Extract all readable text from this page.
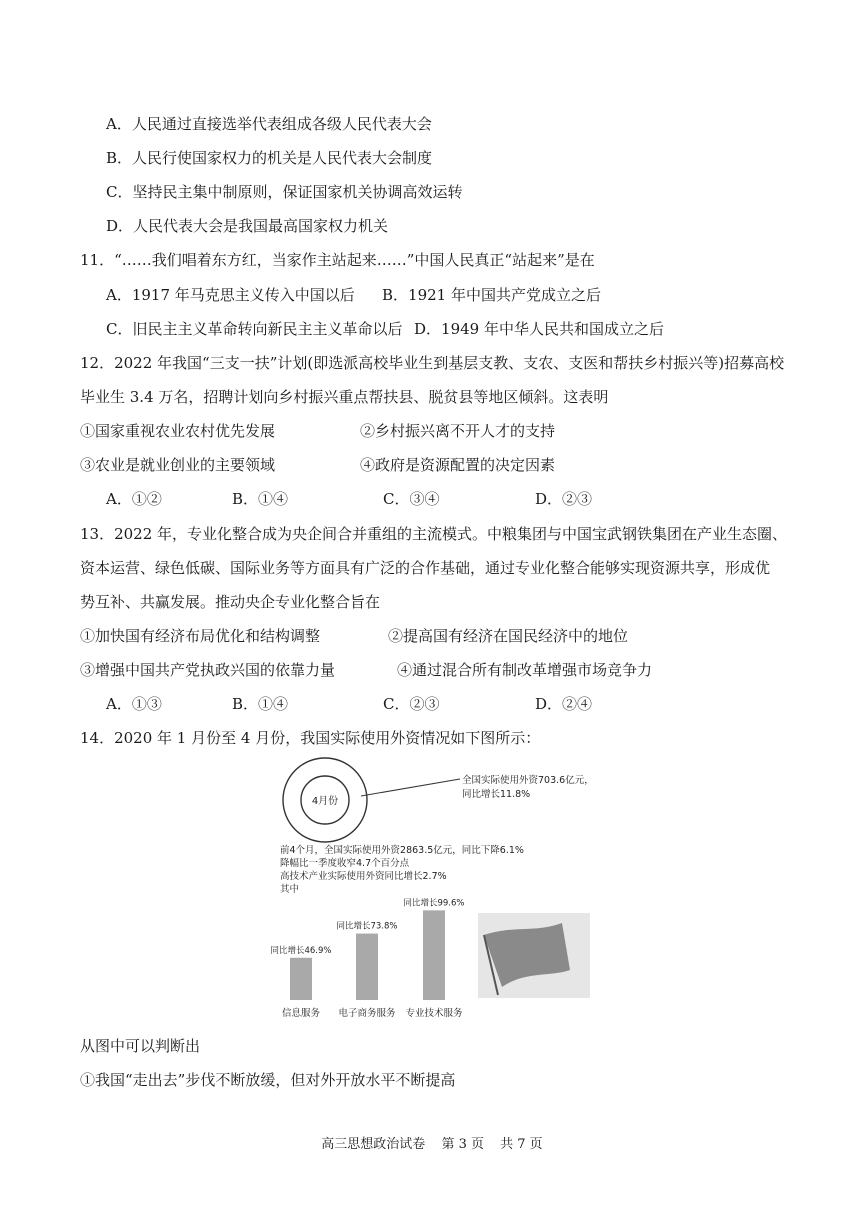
A．人民通过直接选举代表组成各级人民代表大会
B．人民行使国家权力的机关是人民代表大会制度
C．坚持民主集中制原则，保证国家机关协调高效运转
D．人民代表大会是我国最高国家权力机关
11．“……我们唱着东方红，当家作主站起来……”中国人民真正“站起来”是在
A．1917 年马克思主义传入中国以后 B．1921 年中国共产党成立之后
C．旧民主主义革命转向新民主主义革命以后 D．1949 年中华人民共和国成立之后
12．2022 年我国“三支一扶”计划(即选派高校毕业生到基层支教、支农、支医和帮扶乡村振兴等)招募高校
毕业生 3.4 万名，招聘计划向乡村振兴重点帮扶县、脱贫县等地区倾斜。这表明
①国家重视农业农村优先发展	②乡村振兴离不开人才的支持
③农业是就业创业的主要领域	④政府是资源配置的决定因素
A．①②	B．①④	C．③④	D．②③
13．2022 年，专业化整合成为央企间合并重组的主流模式。中粮集团与中国宝武钢铁集团在产业生态圈、
资本运营、绿色低碳、国际业务等方面具有广泛的合作基础，通过专业化整合能够实现资源共享，形成优
势互补、共赢发展。推动央企专业化整合旨在
①加快国有经济布局优化和结构调整	②提高国有经济在国民经济中的地位
③增强中国共产党执政兴国的依靠力量	④通过混合所有制改革增强市场竞争力
A．①③	B．①④	C．②③	D．②④
14．2020 年 1 月份至 4 月份，我国实际使用外资情况如下图所示：
4月份
全国实际使用外资703.6亿元，
同比增长11.8%
前4个月，全国实际使用外资2863.5亿元，同比下降6.1%
降幅比一季度收窄4.7个百分点
高技术产业实际使用外资同比增长2.7%
其中
同比增长46.9%
信息服务
同比增长73.8%
电子商务服务
同比增长99.6%
专业技术服务
从图中可以判断出
①我国“走出去”步伐不断放缓，但对外开放水平不断提高
高三思想政治试卷 第 3 页 共 7 页
